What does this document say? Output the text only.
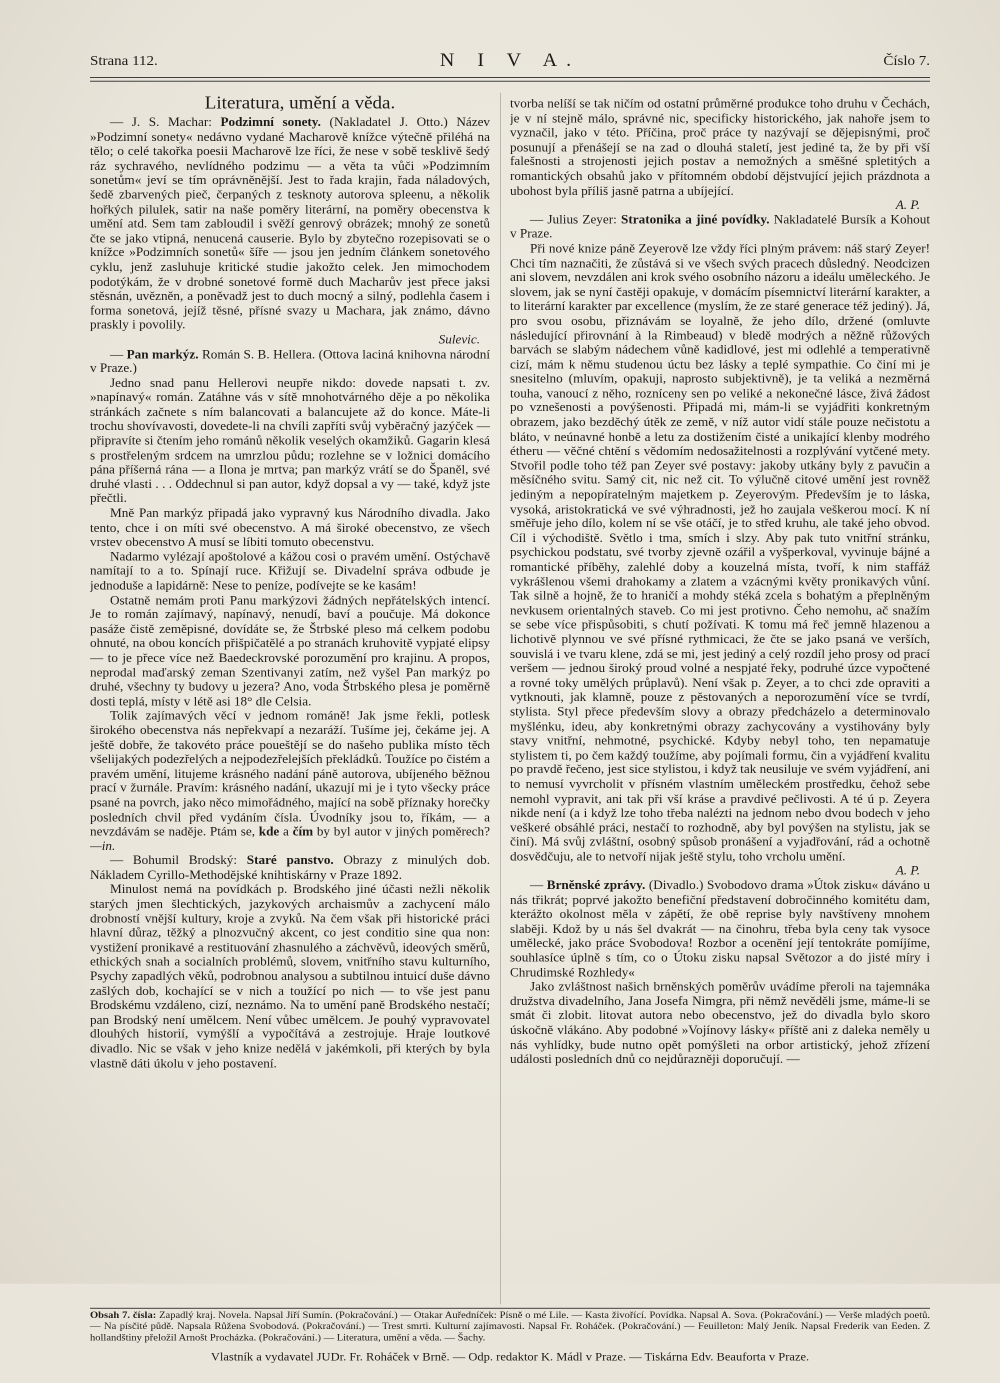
Strana 112.	N I V A.	Číslo 7.

Literatura, umění a věda.

— J. S. Machar: Podzimní sonety. (Nakladatel J. Otto.) Název »Podzimní sonety« nedávno vydané Macharově knížce výtečně přiléhá na tělo; o celé takořka poesii Macharově lze říci, že nese v sobě tesklivě šedý ráz sychravého, nevlídného podzimu — a věta ta vůči »Podzimním sonetům« jeví se tím oprávněnější. Jest to řada krajin, řada náladových, šedě zbarvených pieč, čerpaných z tesknoty autorova spleenu, a několik hořkých pilulek, satir na naše poměry literární, na poměry obecenstva k umění atd. Sem tam zabloudil i svěží genrový obrázek; mnohý ze sonetů čte se jako vtipná, nenucená causerie. Bylo by zbytečno rozepisovati se o knížce »Podzimních sonetů« šíře — jsou jen jedním článkem sonetového cyklu, jenž zasluhuje kritické studie jakožto celek. Jen mimochodem podotýkám, že v drobné sonetové formě duch Macharův jest přece jaksi stěsnán, uvězněn, a poněvadž jest to duch mocný a silný, podlehla časem i forma sonetová, jejíž těsné, přísné svazy u Machara, jak známo, dávno praskly i povolily.

Sulevic.

— Pan markýz. Román S. B. Hellera. (Ottova laciná knihovna národní v Praze.)

Jedno snad panu Hellerovi neupře nikdo: dovede napsati t. zv. »napínavý« román. Zatáhne vás v sítě mnohotvárného děje a po několika stránkách začnete s ním balancovati a balancujete až do konce. Máte-li trochu shovívavosti, dovedete-li na chvíli zapříti svůj vyběračný jazýček — připravíte si čtením jeho románů několik veselých okamžiků. Gagarin klesá s prostřeleným srdcem na umrzlou půdu; rozlehne se v ložnici domácího pána příšerná rána — a Ilona je mrtva; pan markýz vrátí se do Španěl, své druhé vlasti . . . Oddechnul si pan autor, když dopsal a vy — také, když jste přečtli.

Mně Pan markýz připadá jako vypravný kus Národního divadla. Jako tento, chce i on míti své obecenstvo. A má široké obecenstvo, ze všech vrstev obecenstvo A musí se líbiti tomuto obecenstvu.

Nadarmo vylézají apoštolové a kážou cosi o pravém umění. Ostýchavě namítají to a to. Spínají ruce. Křižují se. Divadelní správa odbude je jednoduše a lapidárně: Nese to peníze, podívejte se ke kasám!

Ostatně nemám proti Panu markýzovi žádných nepřátelských intencí. Je to román zajímavý, napínavý, nenudí, baví a poučuje. Má dokonce pasáže čistě zeměpisné, dovídáte se, že Štrbské pleso má celkem podobu ohnuté, na obou koncích přišpičatělé a po stranách kruhovitě vypjaté elipsy — to je přece více než Baedeckrovské porozumění pro krajinu. A propos, neprodal maďarský zeman Szentivanyi zatím, než vyšel Pan markýz po druhé, všechny ty budovy u jezera? Ano, voda Štrbského plesa je poměrně dosti teplá, místy v létě asi 18° dle Celsia.

Tolik zajímavých věcí v jednom románě! Jak jsme řekli, potlesk širokého obecenstva nás nepřekvapí a nezaráží. Tušíme jej, čekáme jej. A ještě dobře, že takovéto práce poueštějí se do našeho publika místo těch všelijakých podezřelých a nejpodezřelejších překládků. Toužíce po čistém a pravém umění, litujeme krásného nadání páně autorova, ubíjeného běžnou prací v žurnále. Pravím: krásného nadání, ukazují mi je i tyto všecky práce psané na povrch, jako něco mimořádného, mající na sobě příznaky horečky posledních chvil před vydáním čísla. Úvodníky jsou to, říkám, — a nevzdávám se naděje. Ptám se, kde a čím by byl autor v jiných poměrech? —in.

— Bohumil Brodský: Staré panstvo. Obrazy z minulých dob. Nákladem Cyrillo-Methodějské knihtiskárny v Praze 1892.

Minulost nemá na povídkách p. Brodského jiné účasti nežli několik starých jmen šlechtických, jazykových archaismův a zachycení málo drobností vnější kultury, kroje a zvyků. Na čem však při historické práci hlavní důraz, těžký a plnozvučný akcent, co jest conditio sine qua non: vystižení pronikavé a restituování zhasnulého a záchvěvů, ideových směrů, ethických snah a socialních problémů, slovem, vnitřního stavu kulturního, Psychy zapadlých věků, podrobnou analysou a subtilnou intuicí duše dávno zašlých dob, kochající se v nich a toužící po nich — to vše jest panu Brodskému vzdáleno, cizí, neznámo. Na to umění paně Brodského nestačí; pan Brodský není umělcem. Není vůbec umělcem. Je pouhý vypravovatel dlouhých historií, vymýšlí a vypočítává a zestrojuje. Hraje loutkové divadlo. Nic se však v jeho knize nedělá v jakémkoli, při kterých by byla vlastně dáti úkolu v jeho postavení.

tvorba nelíší se tak ničím od ostatní průměrné produkce toho druhu v Čechách, je v ní stejně málo, správné nic, specificky historického, jak nahoře jsem to vyznačil, jako v této. Příčina, proč práce ty nazývají se dějepisnými, proč posunují a přenášejí se na zad o dlouhá staletí, jest jediné ta, že by při vší falešnosti a strojenosti jejich postav a nemožných a směšné spletitých a romantických obsahů jako v přítomném období dějstvující jejich prázdnota a ubohost byla příliš jasně patrna a ubíjející.

A. P.

— Julius Zeyer: Stratonika a jiné povídky. Nakladatelé Bursík a Kohout v Praze.

Při nové knize páně Zeyerově lze vždy říci plným právem: náš starý Zeyer! Chci tím naznačiti, že zůstává si ve všech svých pracech důsledný. Neodcizen ani slovem, nevzdálen ani krok svého osobního názoru a ideálu uměleckého. Je slovem, jak se nyní častěji opakuje, v domácím písemnictví literární karakter, a to literární karakter par excellence (myslím, že ze staré generace též jediný). Já, pro svou osobu, přiznávám se loyalně, že jeho dílo, držené (omluvte následující přirovnání à la Rimbeaud) v bledě modrých a něžně růžových barvách se slabým nádechem vůně kadidlové, jest mi odlehlé a temperativně cizí, mám k němu studenou úctu bez lásky a teplé sympathie. Co činí mi je snesitelno (mluvím, opakuji, naprosto subjektivně), je ta veliká a nezměrná touha, vanoucí z něho, rozníceny sen po veliké a nekonečné lásce, živá žádost po vznešenosti a povýšenosti. Připadá mi, mám-li se vyjádřiti konkretným obrazem, jako bezděchý útěk ze země, v níž autor vidí stále pouze nečistotu a bláto, v neúnavné honbě a letu za dostižením čisté a unikající klenby modrého étheru — věčné chtění s vědomím nedosažitelnosti a rozplývání vytčené mety. Stvořil podle toho též pan Zeyer své postavy: jakoby utkány byly z pavučin a měsíčného svitu. Samý cit, nic než cit. To výlučně citové umění jest rovněž jediným a nepopíratelným majetkem p. Zeyerovým. Především je to láska, vysoká, aristokratická ve své výhradnosti, jež ho zaujala veškerou mocí. K ní směřuje jeho dílo, kolem ní se vše otáčí, je to střed kruhu, ale také jeho obvod. Cíl i východiště. Světlo i tma, smích i slzy. Aby pak tuto vnitřní stránku, psychickou podstatu, své tvorby zjevně ozářil a vyšperkoval, vyvinuje bájné a romantické příběhy, zalehlé doby a kouzelná místa, tvoří, k nim staffáž vykrášlenou všemi drahokamy a zlatem a vzácnými květy pronikavých vůní. Tak silně a hojně, že to hraničí a mohdy stéká zcela s bohatým a přeplněným nevkusem orientalných staveb. Co mi jest protivno. Čeho nemohu, ač snažím se sebe více přispůsobiti, s chutí požívati. K tomu má řeč jemně hlazenou a lichotivě plynnou ve své přísné rythmicaci, že čte se jako psaná ve verších, souvislá i ve tvaru klene, zdá se mi, jest jediný a celý rozdíl jeho prosy od prací veršem — jednou široký proud volné a nespjaté řeky, podruhé úzce vypočtené a rovné toky umělých průplavů). Není však p. Zeyer, a to chci zde opraviti a vytknouti, jak klamně, pouze z pěstovaných a neporozumění více se tvrdí, stylista. Styl přece především slovy a obrazy předcházelo a determinovalo myšlénku, ideu, aby konkretnými obrazy zachycovány a vystihovány byly stavy vnitřní, nehmotné, psychické. Kdyby nebyl toho, ten nepamatuje stylistem ti, po čem každý toužíme, aby pojímali formu, čin a vyjádření kvalitu po pravdě řečeno, jest sice stylistou, i když tak neusiluje ve svém vyjádření, ani to nemusí vyvrcholit v přísném vlastním uměleckém prostředku, čehož sebe nemohl vypravit, ani tak při vší kráse a pravdivé pečlivosti. A té ú p. Zeyera nikde není (a i když lze toho třeba nalézti na jednom nebo dvou bodech v jeho veškeré obsáhlé práci, nestačí to rozhodně, aby byl povýšen na stylistu, jak se činí). Má svůj zvláštní, osobný spůsob pronášení a vyjadřování, rád a ochotně dosvědčuju, ale to netvoří nijak ještě stylu, toho vrcholu umění.

A. P.

— Brněnské zprávy. (Divadlo.) Svobodovo drama »Útok zisku« dáváno u nás třikrát; poprvé jakožto benefiční představení dobročinného komitétu dam, kterážto okolnost měla v zápětí, že obě reprise byly navštíveny mnohem slaběji. Kdož by u nás šel dvakrát — na činohru, třeba byla ceny tak vysoce umělecké, jako práce Svobodova! Rozbor a ocenění její tentokráte pomíjíme, souhlasíce úplně s tím, co o Útoku zisku napsal Světozor a do jisté míry i Chrudimské Rozhledy«

Jako zvláštnost našich brněnských poměrův uvádíme přeroli na tajemnáka družstva divadelního, Jana Josefa Nimgra, při němž nevěděli jsme, máme-li se smát či zlobit. litovat autora nebo obecenstvo, jež do divadla bylo skoro úskočně vlákáno. Aby podobné »Vojínovy lásky« příště ani z daleka neměly u nás vyhlídky, bude nutno opět pomýšleti na orbor artistický, jehož zřízení události posledních dnů co nejdůrazněji doporučují. —

Obsah 7. čísla: Zapadlý kraj. Novela. Napsal Jiří Sumín. (Pokračování.) — Otakar Auředníček: Písně o mé Lile. — Kasta živořící. Povídka. Napsal A. Sova. (Pokračování.) — Verše mladých poetů. — Na písčité půdě. Napsala Růžena Svobodová. (Pokračování.) — Trest smrti. Kulturní zajímavosti. Napsal Fr. Roháček. (Pokračování.) — Feuilleton: Malý Jeník. Napsal Frederik van Eeden. Z hollandštiny přeložil Arnošt Procházka. (Pokračování.) — Literatura, umění a věda. — Šachy.
Vlastník a vydavatel JUDr. Fr. Roháček v Brně. — Odp. redaktor K. Mádl v Praze. — Tiskárna Edv. Beauforta v Praze.
